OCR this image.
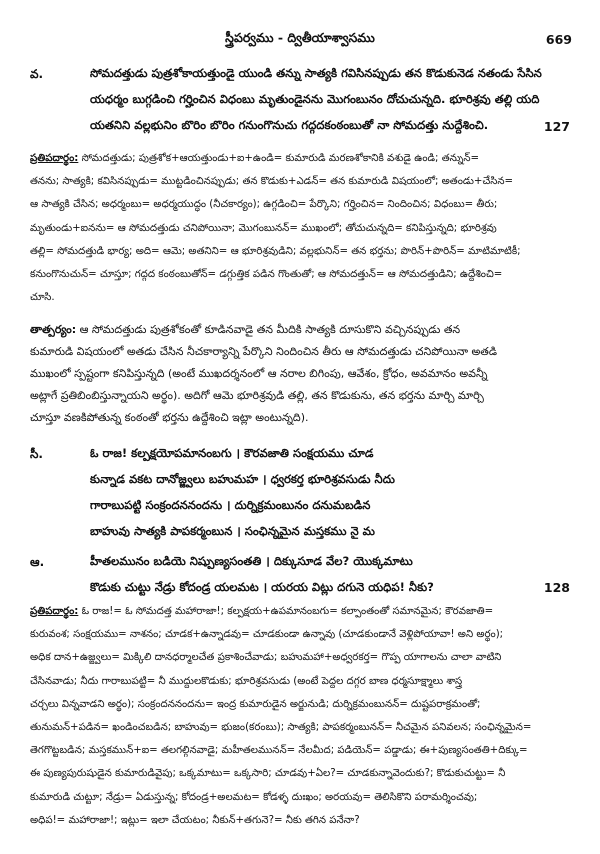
స్త్రీపర్వము - ద్వితీయాశ్వాసము	669
వ.	సోమదత్తుడు పుత్రశోకాయత్తుండై యుండి తన్ను సాత్యకి గవిసినప్పుడు తన కొడుకునెడ నతండు సేసిన
యధర్మం బుగ్గడించి గర్హించిన విధంబు మృతుండైనను మొగంబునం దోచుచున్నది. భూరిశ్రవు తల్లి యది
యతనిని వల్లభునిం బొరిం బొరిం గనుంగొనుచు గద్గదకంఠంబుతో నా సోమదత్తు నుద్దేశించి.	127
ప్రతిపదార్థం: సోమదత్తుడు; పుత్రశోక+ఆయత్తుండు+ఐ+ఉండి= కుమారుడి మరణశోకానికి వశుడై ఉండి; తన్నున్=
తనను; సాత్యకి; కవిసినప్పుడు= ముట్టడించినప్పుడు; తన కొడుకు+ఎడన్= తన కుమారుడి విషయంలో; అతండు+చేసిన=
ఆ సాత్యకి చేసిన; అధర్మంబు= అధర్మయుద్ధం (నీచకార్యం); ఉగ్గడించి= పేర్కొని; గర్హించిన= నిందించిన; విధంబు= తీరు;
మృతుండు+ఐనను= ఆ సోమదత్తుడు చనిపోయినా; మొగంబునన్= ముఖంలో; తోచుచున్నది= కనిపిస్తున్నది; భూరిశ్రవు
తల్లి= సోమదత్తుడి భార్య; అది= ఆమె; అతనిని= ఆ భూరిశ్రవుడిని; వల్లభునిన్= తన భర్తను; పొరిన్+పొరిన్= మాటిమాటికీ;
కనుంగొనుచున్= చూస్తూ; గద్గద కంఠంబుతోన్= డగ్గుత్తిక పడిన గొంతుతో; ఆ సోమదత్తున్= ఆ సోమదత్తుడిని; ఉద్దేశించి=
చూసి.
తాత్పర్యం: ఆ సోమదత్తుడు పుత్రశోకంతో కూడినవాడై తన మీదికి సాత్యకి దూసుకొని వచ్చినప్పుడు తన
కుమారుడి విషయంలో అతడు చేసిన నీచకార్యాన్ని పేర్కొని నిందించిన తీరు ఆ సోమదత్తుడు చనిపోయినా అతడి
ముఖంలో స్పష్టంగా కనిపిస్తున్నది (అంటే ముఖదర్శనంలో ఆ నరాల బిగింపు, ఆవేశం, క్రోధం, అవమానం అవన్నీ
అట్లాగే ప్రతిబింబిస్తున్నాయని అర్థం). అదిగో ఆమె భూరిశ్రవుడి తల్లి, తన కొడుకును, తన భర్తను మార్చి మార్చి
చూస్తూ వణకిపోతున్న కంఠంతో భర్తను ఉద్దేశించి ఇట్లా అంటున్నది).
సీ.	ఓ రాజ! కల్పక్షయోపమానంబగు । కౌరవజాతి సంక్షయము చూడ
కున్నాడ వకట దానోజ్జ్వలు బహుమహ । ధ్వరకర్త భూరిశ్రవసుడు నీదు
గారాబుపట్టి సంక్రందననందను । దుర్నిక్రమంబునం దనుమబడిన
బాహువు సాత్యకి పాపకర్మంబున । సంఛిన్నమైన మస్తకము నై మ
ఆ.	హీతలమునం బడియె నిష్పుణ్యసంతతి । దిక్కుసూడ వేల? యొక్కమాటు
కొడుకు చుట్టు నేడ్రు కోదండ్ర యలమట । యరయ విట్లు దగునె యధిప! నీకు?	128
ప్రతిపదార్థం: ఓ రాజ!= ఓ సోమదత్త మహారాజా!; కల్పక్షయ+ఉపమానంబగు= కల్పాంతంతో సమానమైన; కౌరవజాతి=
కురువంశ; సంక్షయము= నాశనం; చూడక+ఉన్నాడవు= చూడకుండా ఉన్నావు (చూడకుండానే వెళ్లిపోయావా! అని అర్థం);
అధిక దాన+ఉజ్జ్వలు= మిక్కిలి దానధర్మాలచేత ప్రకాశించేవాడు; బహుమహా+అధ్వరకర్త= గొప్ప యాగాలను చాలా వాటిని
చేసినవాడు; నీదు గారాబుపట్టి= నీ ముద్దులకొడుకు; భూరిశ్రవసుడు (అంటే పెద్దల దగ్గర బాణ ధర్మసూక్ష్మాలు శాస్త్ర
చర్చలు విన్నవాడని అర్థం); సంక్రందననందను= ఇంద్ర కుమారుడైన అర్జునుడి; దుర్నిక్రమంబునన్= దుష్టపరాక్రమంతో;
తునుమన్+పడిన= ఖండించబడిన; బాహువు= భుజం(కరంబు); సాత్యకి; పాపకర్మంబునన్= నీచమైన పనివలన; సంఛిన్నమైన=
తెగగొట్టబడిన; మస్తకమున్+ఐ= తలగల్గినవాడై; మహీతలమునన్= నేలమీద; పడియెన్= పడ్డాడు; ఈ+పుణ్యసంతతి+దిక్కు=
ఈ పుణ్యపురుషుడైన కుమారుడివైపు; ఒక్కమాటు= ఒక్కసారి; చూడవు+ఏల?= చూడకున్నావెందుకు?; కొడుకుచుట్టు= నీ
కుమారుడి చుట్టూ; నేడ్రు= ఏడుస్తున్న; కోదండ్ర+అలమట= కోడళ్ళ దుఃఖం; అరయవు= తెలిసికొని పరామర్శించవు;
అధిప!= మహారాజా!; ఇట్లు= ఇలా చేయటం; నీకున్+తగునె?= నీకు తగిన పనేనా?
